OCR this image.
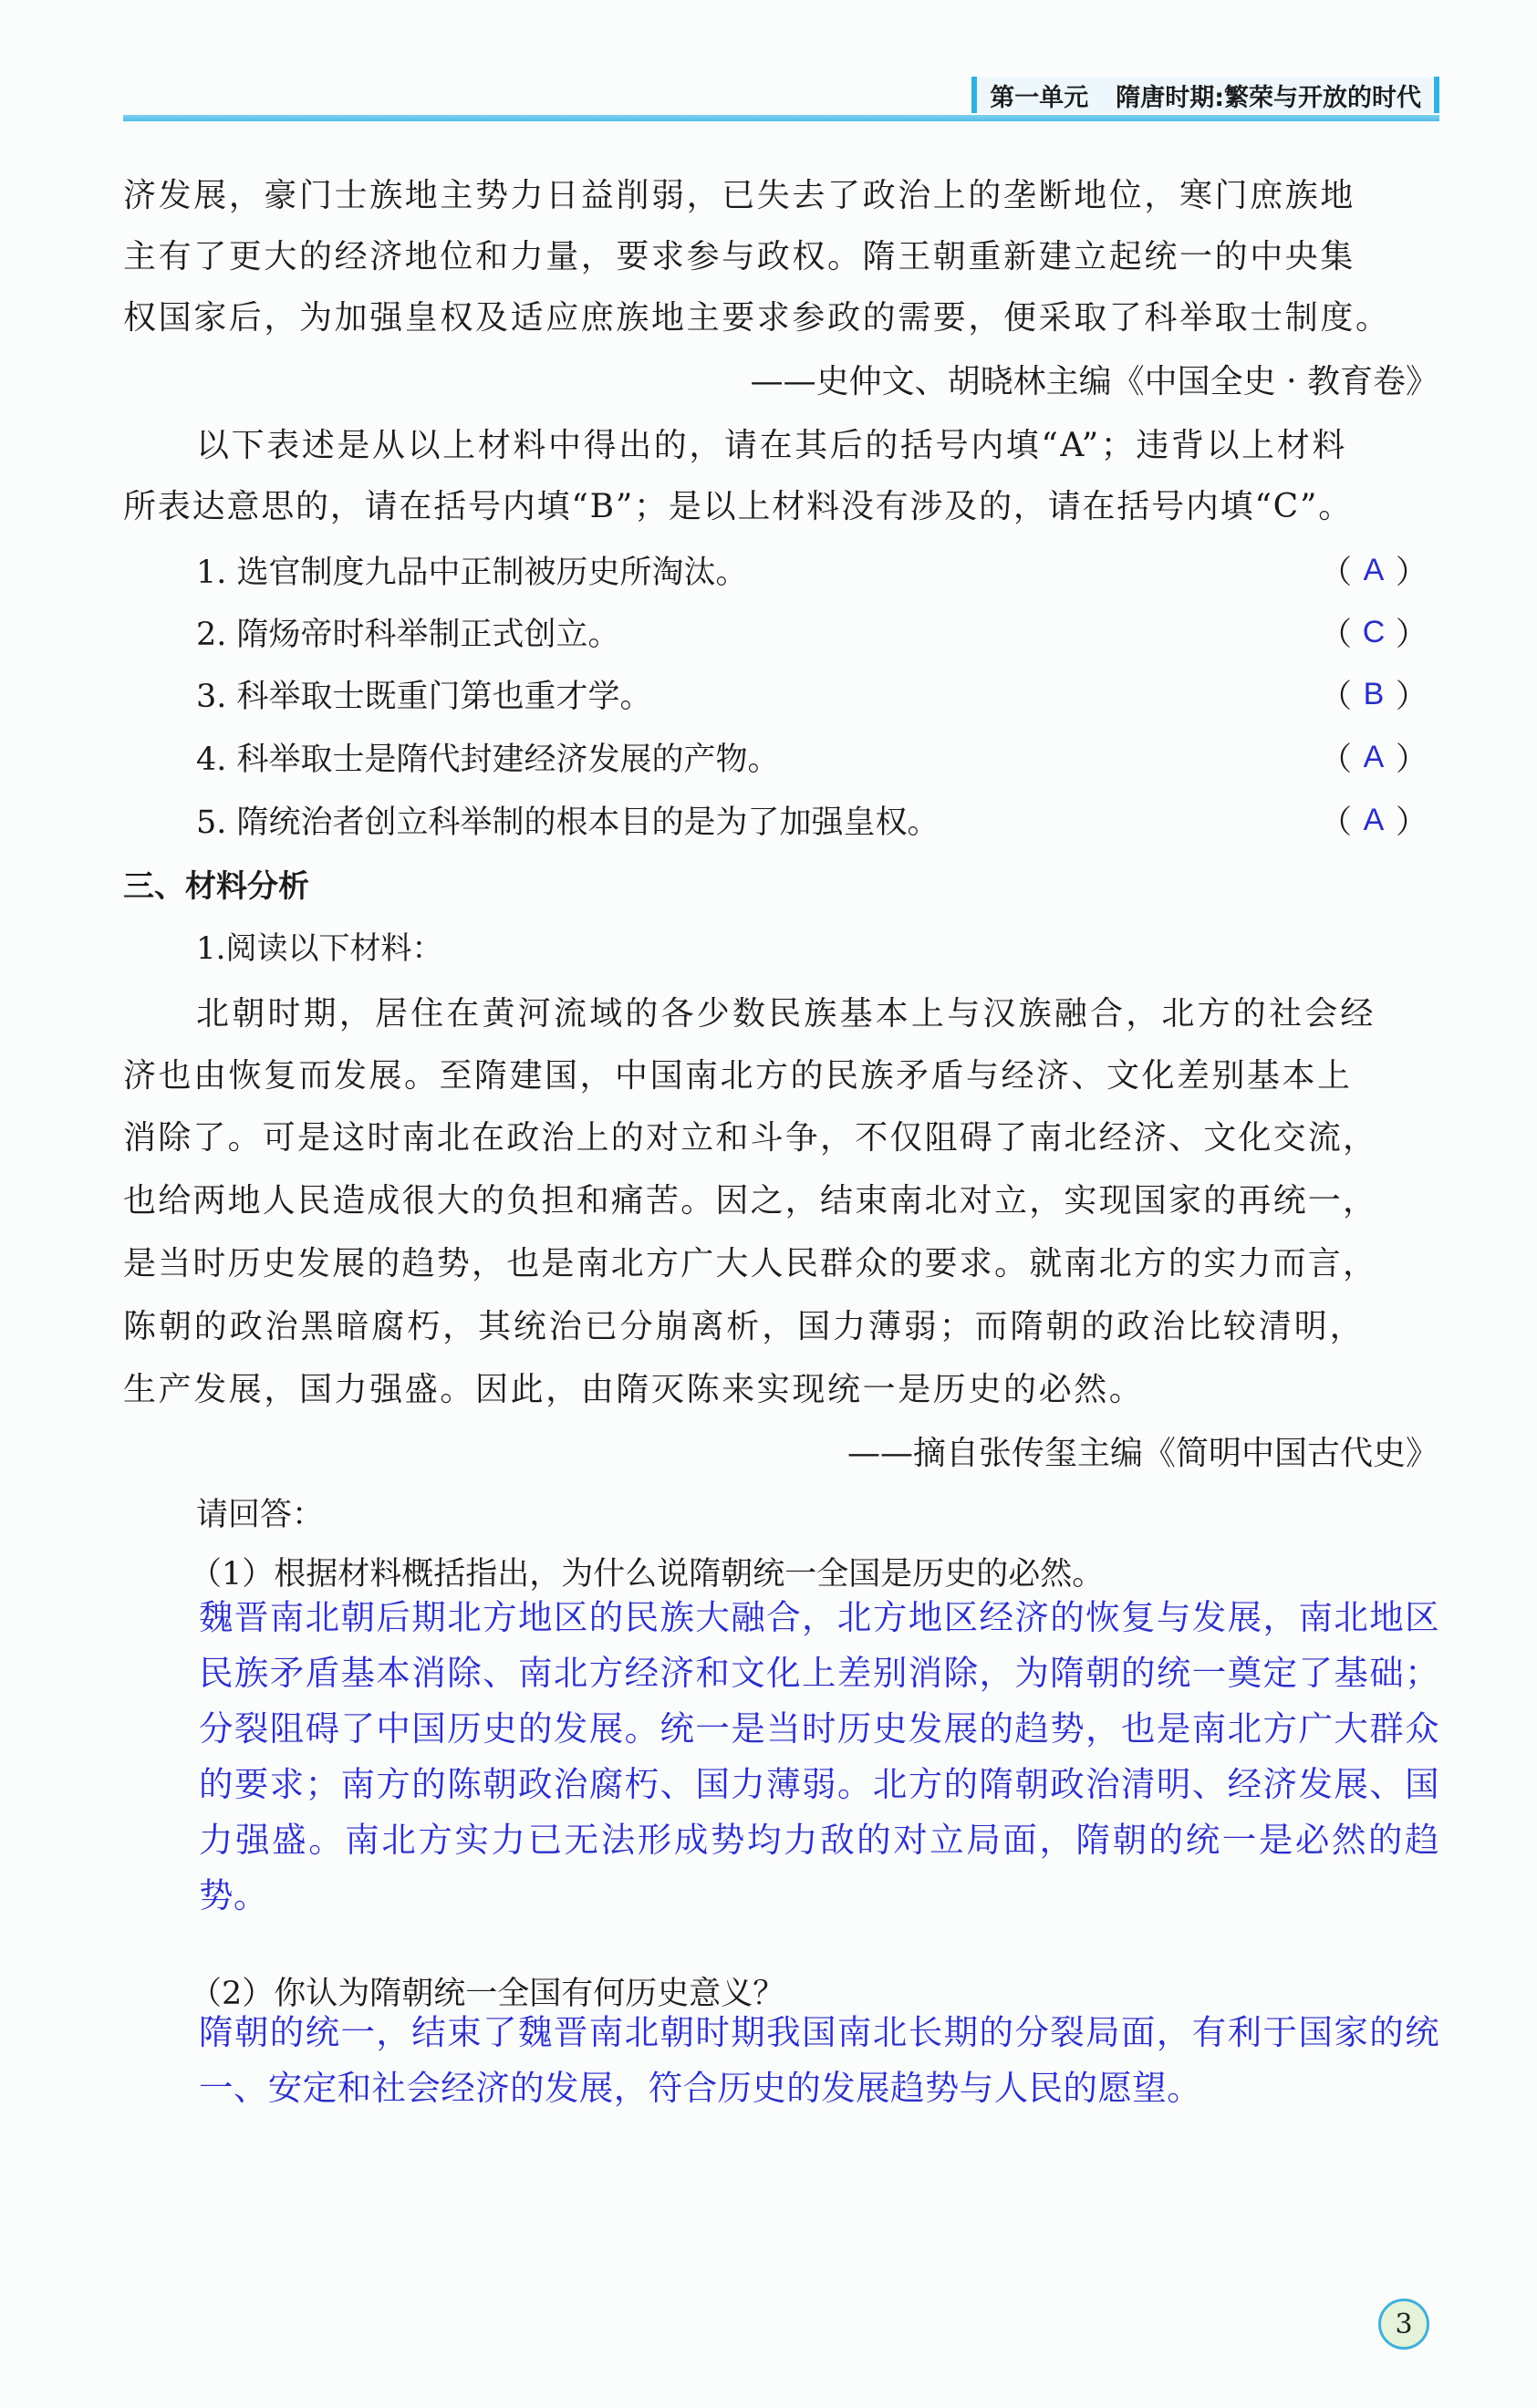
第一单元 隋唐时期:繁荣与开放的时代
济发展，豪门士族地主势力日益削弱，已失去了政治上的垄断地位，寒门庶族地
主有了更大的经济地位和力量，要求参与政权。隋王朝重新建立起统一的中央集
权国家后，为加强皇权及适应庶族地主要求参政的需要，便采取了科举取士制度。
——史仲文、胡晓林主编《中国全史 · 教育卷》
以下表述是从以上材料中得出的，请在其后的括号内填“A”；违背以上材料
所表达意思的，请在括号内填“B”；是以上材料没有涉及的，请在括号内填“C”。
1. 选官制度九品中正制被历史所淘汰。	（ A ）
2. 隋炀帝时科举制正式创立。	（ C ）
3. 科举取士既重门第也重才学。	（ B ）
4. 科举取士是隋代封建经济发展的产物。	（ A ）
5. 隋统治者创立科举制的根本目的是为了加强皇权。	（ A ）
三、材料分析
1.阅读以下材料：
北朝时期，居住在黄河流域的各少数民族基本上与汉族融合，北方的社会经
济也由恢复而发展。至隋建国，中国南北方的民族矛盾与经济、文化差别基本上
消除了。可是这时南北在政治上的对立和斗争，不仅阻碍了南北经济、文化交流，
也给两地人民造成很大的负担和痛苦。因之，结束南北对立，实现国家的再统一，
是当时历史发展的趋势，也是南北方广大人民群众的要求。就南北方的实力而言，
陈朝的政治黑暗腐朽，其统治已分崩离析，国力薄弱；而隋朝的政治比较清明，
生产发展，国力强盛。因此，由隋灭陈来实现统一是历史的必然。
——摘自张传玺主编《简明中国古代史》
请回答：
（1）根据材料概括指出，为什么说隋朝统一全国是历史的必然。
魏晋南北朝后期北方地区的民族大融合，北方地区经济的恢复与发展，南北地区民族矛盾基本消除、南北方经济和文化上差别消除，为隋朝的统一奠定了基础；分裂阻碍了中国历史的发展。统一是当时历史发展的趋势，也是南北方广大群众的要求；南方的陈朝政治腐朽、国力薄弱。北方的隋朝政治清明、经济发展、国力强盛。南北方实力已无法形成势均力敌的对立局面，隋朝的统一是必然的趋势。
（2）你认为隋朝统一全国有何历史意义？
隋朝的统一，结束了魏晋南北朝时期我国南北长期的分裂局面，有利于国家的统一、安定和社会经济的发展，符合历史的发展趋势与人民的愿望。
3
